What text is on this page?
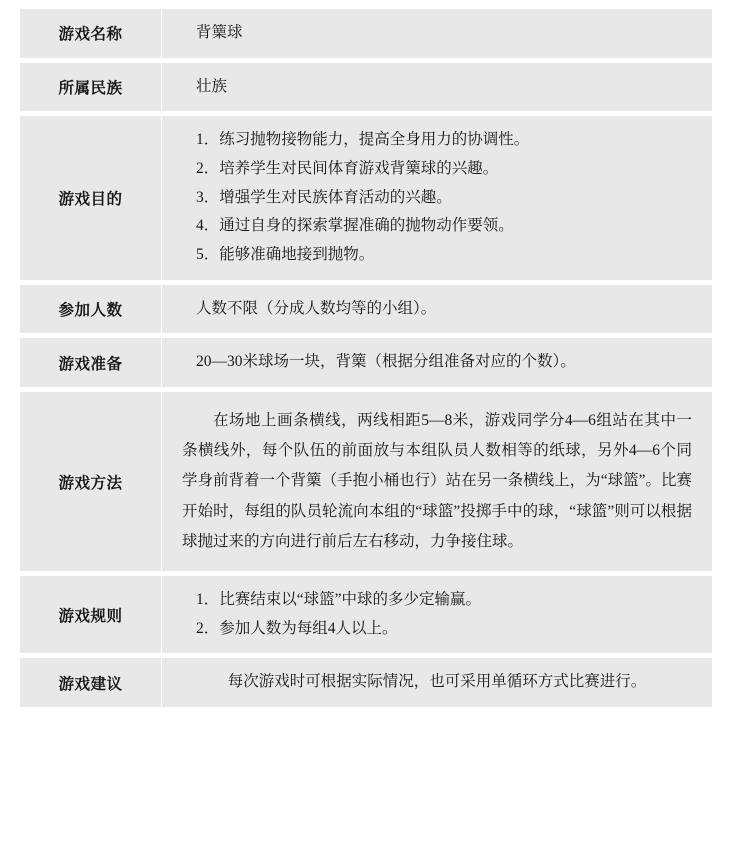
游戏名称	背篥球

所属民族	壮族

游戏目的	
1．练习抛物接物能力，提高全身用力的协调性。
2．培养学生对民间体育游戏背篥球的兴趣。
3．增强学生对民族体育活动的兴趣。
4．通过自身的探索掌握准确的抛物动作要领。
5．能够准确地接到抛物。

参加人数	人数不限（分成人数均等的小组）。

游戏准备	20—30米球场一块，背篥（根据分组准备对应的个数）。

游戏方法	在场地上画条横线，两线相距5—8米，游戏同学分4—6组站在其中一条横线外，每个队伍的前面放与本组队员人数相等的纸球，另外4—6个同学身前背着一个背篥（手抱小桶也行）站在另一条横线上，为“球篮”。比赛开始时，每组的队员轮流向本组的“球篮”投掷手中的球，“球篮”则可以根据球抛过来的方向进行前后左右移动，力争接住球。

游戏规则	
1．比赛结束以“球篮”中球的多少定输赢。
2．参加人数为每组4人以上。

游戏建议	每次游戏时可根据实际情况，也可采用单循环方式比赛进行。
